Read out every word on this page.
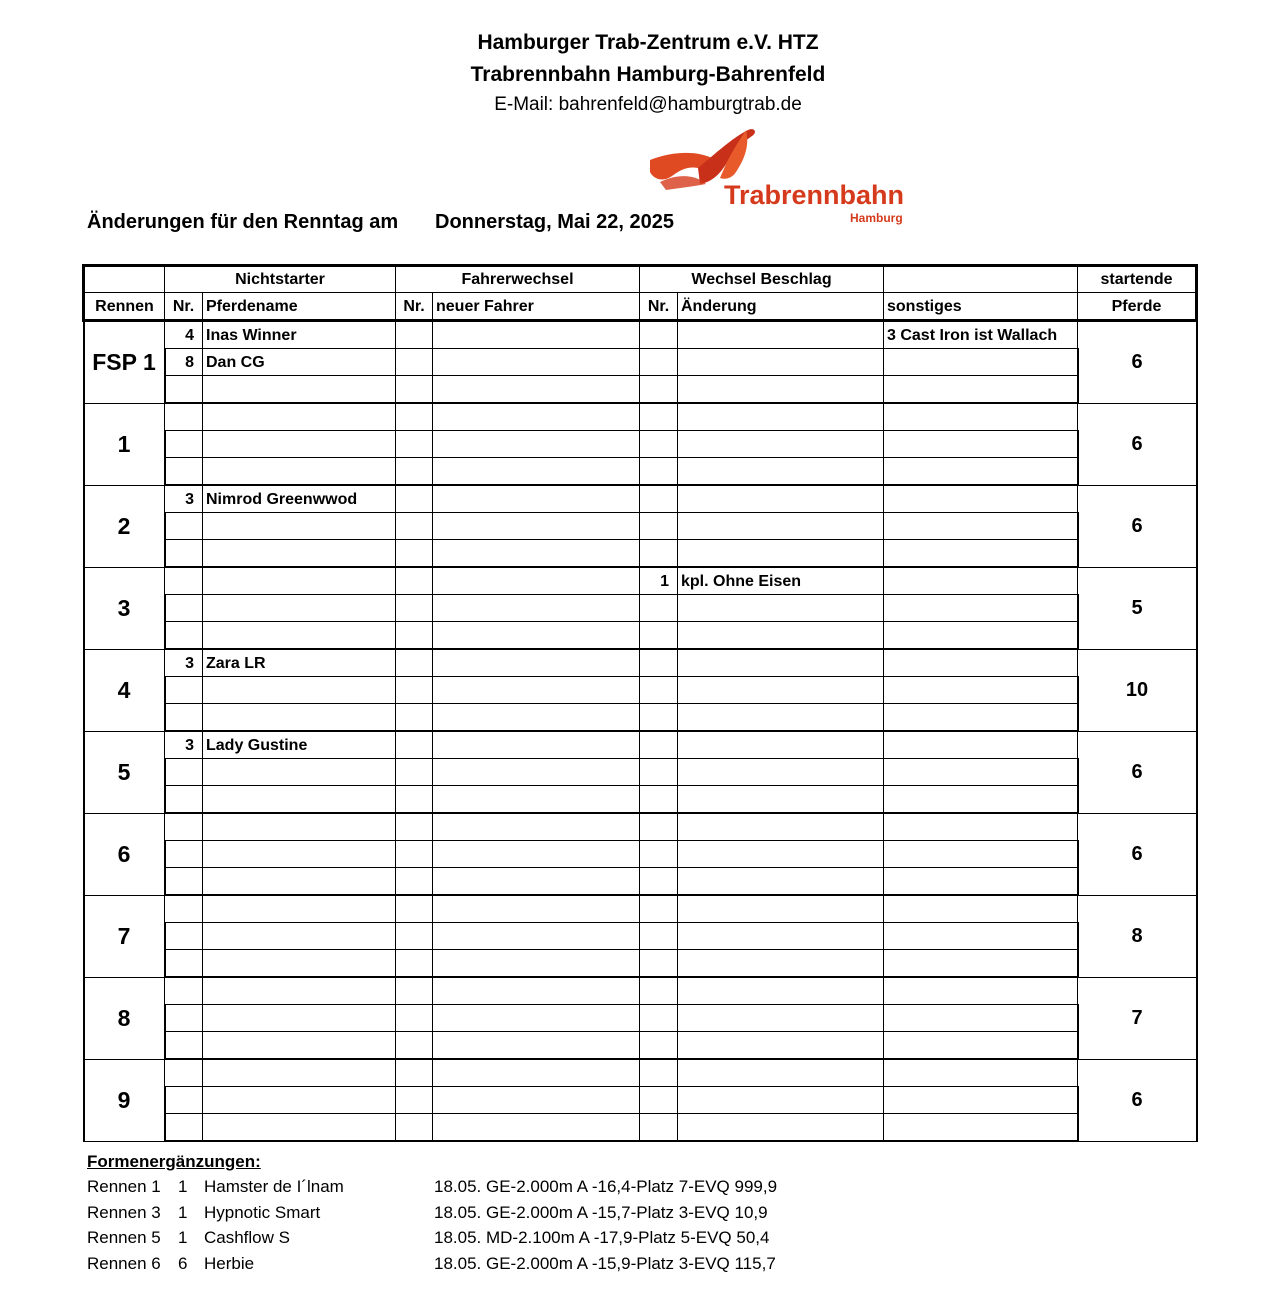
Hamburger Trab-Zentrum e.V. HTZ
Trabrennbahn Hamburg-Bahrenfeld
E-Mail: bahrenfeld@hamburgtrab.de
Trabrennbahn
Hamburg
Änderungen für den Renntag am Donnerstag, Mai 22, 2025
	Nichtstarter		Fahrerwechsel		Wechsel Beschlag			startende
Rennen	Nr.	Pferdename	Nr.	neuer Fahrer	Nr.	Änderung	sonstiges	Pferde
FSP 1	4	Inas Winner					3 Cast Iron ist Wallach	6
	8	Dan CG						

1								6

2	3	Nimrod Greenwwod						6

3					1	kpl. Ohne Eisen		5

4	3	Zara LR						10

5	3	Lady Gustine						6

6								6

7								8

8								7

9								6

Formenergänzungen:
Rennen 1 1 Hamster de I´lnam	18.05. GE-2.000m A -16,4-Platz 7-EVQ 999,9
Rennen 3 1 Hypnotic Smart	18.05. GE-2.000m A -15,7-Platz 3-EVQ 10,9
Rennen 5 1 Cashflow S	18.05. MD-2.100m A -17,9-Platz 5-EVQ 50,4
Rennen 6 6 Herbie	18.05. GE-2.000m A -15,9-Platz 3-EVQ 115,7
